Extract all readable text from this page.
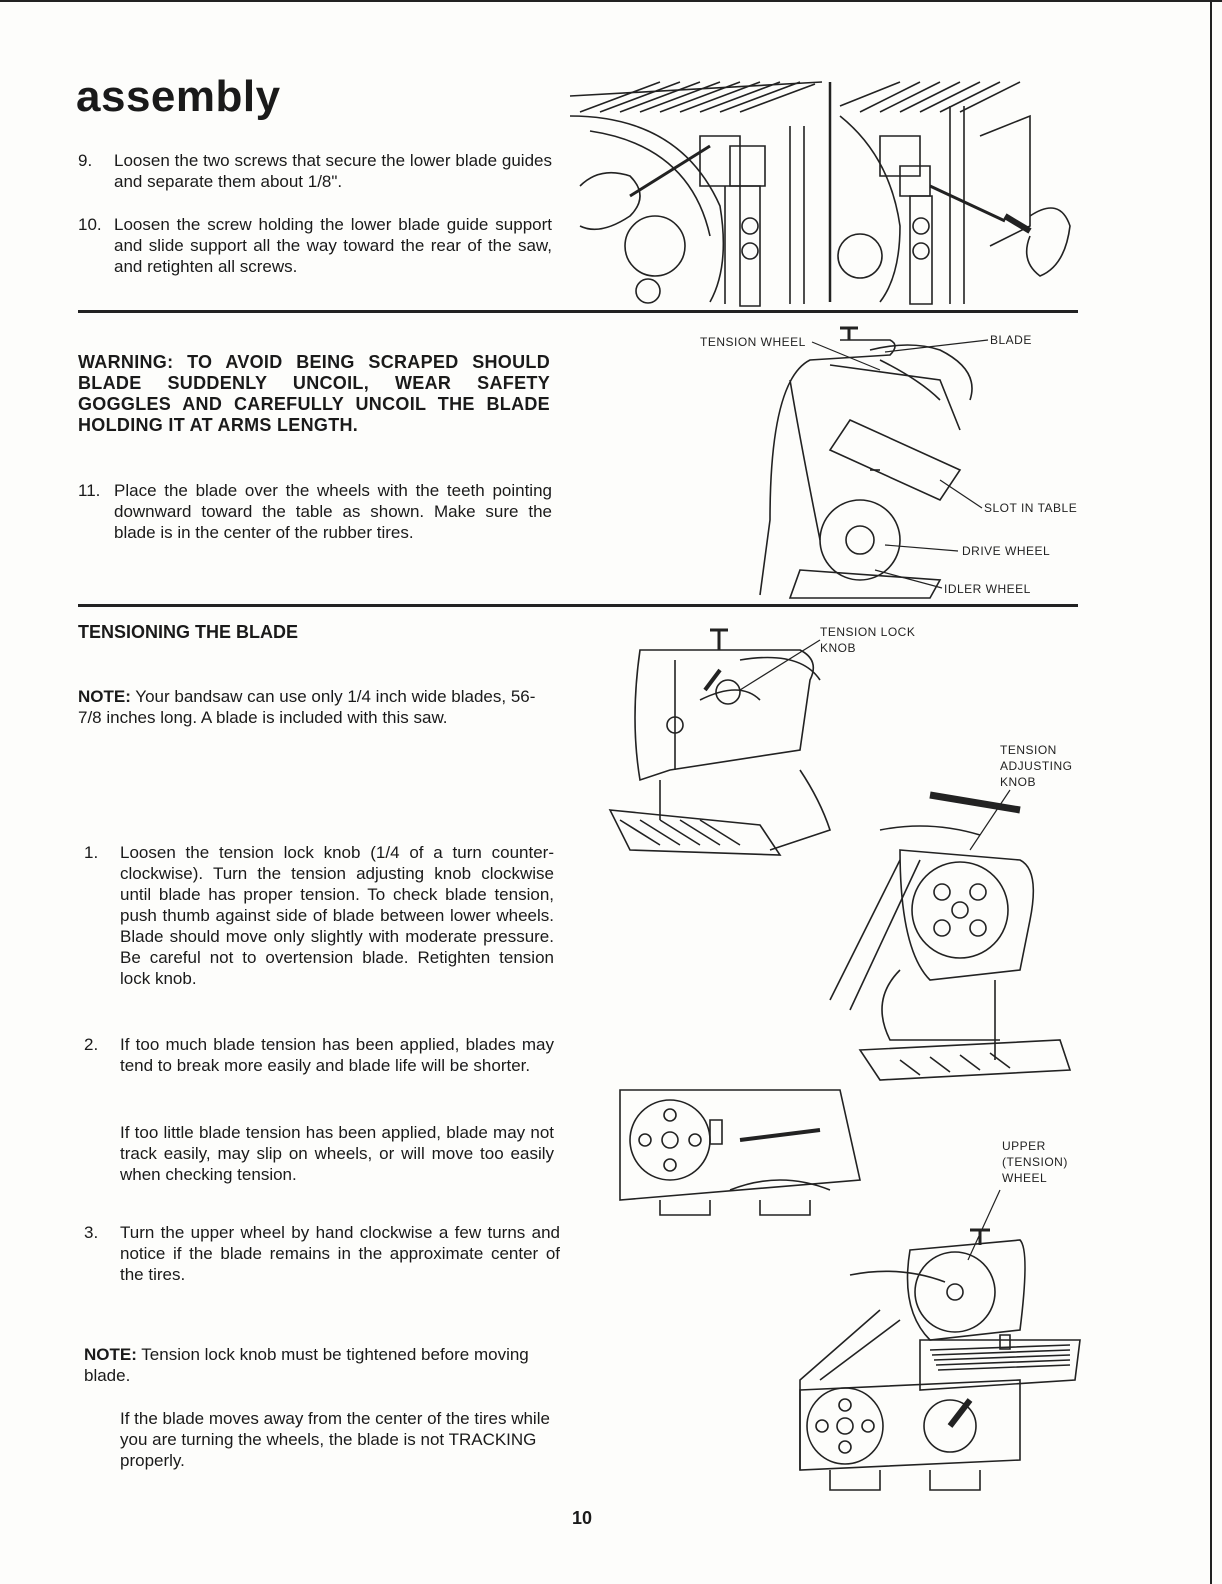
assembly
9. Loosen the two screws that secure the lower blade guides and separate them about 1/8".
10. Loosen the screw holding the lower blade guide support and slide support all the way toward the rear of the saw, and retighten all screws.
WARNING: TO AVOID BEING SCRAPED SHOULD BLADE SUDDENLY UNCOIL, WEAR SAFETY GOGGLES AND CAREFULLY UNCOIL THE BLADE HOLDING IT AT ARMS LENGTH.
11. Place the blade over the wheels with the teeth pointing downward toward the table as shown. Make sure the blade is in the center of the rubber tires.
TENSION WHEEL	BLADE
SLOT IN TABLE
DRIVE WHEEL
IDLER WHEEL
TENSIONING THE BLADE
NOTE: Your bandsaw can use only 1/4 inch wide blades, 56-7/8 inches long. A blade is included with this saw.
1. Loosen the tension lock knob (1/4 of a turn counter-clockwise). Turn the tension adjusting knob clockwise until blade has proper tension. To check blade tension, push thumb against side of blade between lower wheels. Blade should move only slightly with moderate pressure. Be careful not to overtension blade. Retighten tension lock knob.
2. If too much blade tension has been applied, blades may tend to break more easily and blade life will be shorter.
If too little blade tension has been applied, blade may not track easily, may slip on wheels, or will move too easily when checking tension.
3. Turn the upper wheel by hand clockwise a few turns and notice if the blade remains in the approximate center of the tires.
NOTE: Tension lock knob must be tightened before moving blade.
If the blade moves away from the center of the tires while you are turning the wheels, the blade is not TRACKING properly.
TENSION LOCK
KNOB
TENSION
ADJUSTING
KNOB
UPPER
(TENSION)
WHEEL
10
